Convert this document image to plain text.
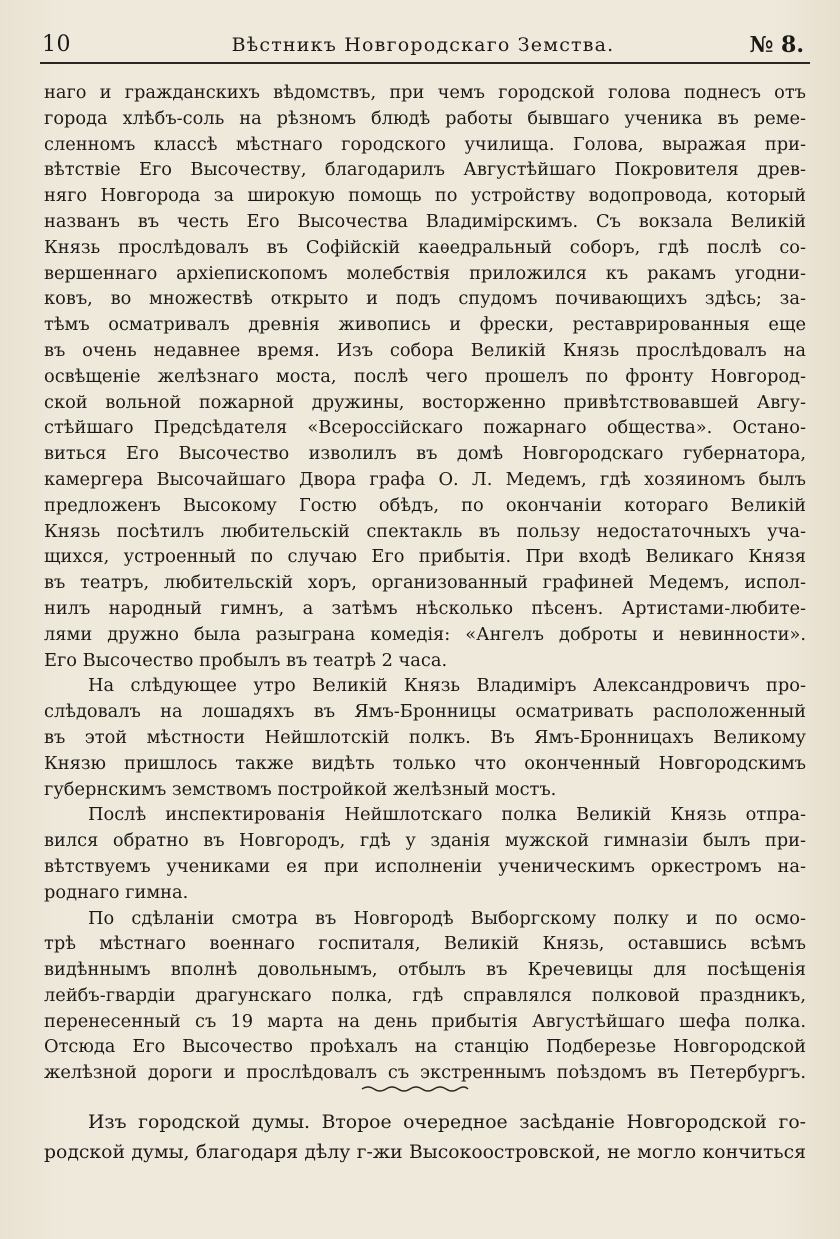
10	Вѣстникъ Новгородскаго Земства.	№ 8.
наго и гражданскихъ вѣдомствъ, при чемъ городской голова поднесъ отъ
города хлѣбъ-соль на рѣзномъ блюдѣ работы бывшаго ученика въ реме-
сленномъ классѣ мѣстнаго городского училища. Голова, выражая при-
вѣтствіе Его Высочеству, благодарилъ Августѣйшаго Покровителя древ-
няго Новгорода за широкую помощь по устройству водопровода, который
названъ въ честь Его Высочества Владимірскимъ. Съ вокзала Великій
Князь прослѣдовалъ въ Софійскій каѳедральный соборъ, гдѣ послѣ со-
вершеннаго архіепископомъ молебствія приложился къ ракамъ угодни-
ковъ, во множествѣ открыто и подъ спудомъ почивающихъ здѣсь; за-
тѣмъ осматривалъ древнія живопись и фрески, реставрированныя еще
въ очень недавнее время. Изъ собора Великій Князь прослѣдовалъ на
освѣщеніе желѣзнаго моста, послѣ чего прошелъ по фронту Новгород-
ской вольной пожарной дружины, восторженно привѣтствовавшей Авгу-
стѣйшаго Предсѣдателя «Всероссійскаго пожарнаго общества». Остано-
виться Его Высочество изволилъ въ домѣ Новгородскаго губернатора,
камергера Высочайшаго Двора графа О. Л. Медемъ, гдѣ хозяиномъ былъ
предложенъ Высокому Гостю обѣдъ, по окончаніи котораго Великій
Князь посѣтилъ любительскій спектакль въ пользу недостаточныхъ уча-
щихся, устроенный по случаю Его прибытія. При входѣ Великаго Князя
въ театръ, любительскій хоръ, организованный графиней Медемъ, испол-
нилъ народный гимнъ, а затѣмъ нѣсколько пѣсенъ. Артистами-любите-
лями дружно была разыграна комедія: «Ангелъ доброты и невинности».
Его Высочество пробылъ въ театрѣ 2 часа.
На слѣдующее утро Великій Князь Владиміръ Александровичъ про-
слѣдовалъ на лошадяхъ въ Ямъ-Бронницы осматривать расположенный
въ этой мѣстности Нейшлотскій полкъ. Въ Ямъ-Бронницахъ Великому
Князю пришлось также видѣть только что оконченный Новгородскимъ
губернскимъ земствомъ постройкой желѣзный мостъ.
Послѣ инспектированія Нейшлотскаго полка Великій Князь отпра-
вился обратно въ Новгородъ, гдѣ у зданія мужской гимназіи былъ при-
вѣтствуемъ учениками ея при исполненіи ученическимъ оркестромъ на-
роднаго гимна.
По сдѣланіи смотра въ Новгородѣ Выборгскому полку и по осмо-
трѣ мѣстнаго военнаго госпиталя, Великій Князь, оставшись всѣмъ
видѣннымъ вполнѣ довольнымъ, отбылъ въ Кречевицы для посѣщенія
лейбъ-гвардіи драгунскаго полка, гдѣ справлялся полковой праздникъ,
перенесенный съ 19 марта на день прибытія Августѣйшаго шефа полка.
Отсюда Его Высочество проѣхалъ на станцію Подберезье Новгородской
желѣзной дороги и прослѣдовалъ съ экстреннымъ поѣздомъ въ Петербургъ.
Изъ городской думы. Второе очередное засѣданіе Новгородской го-
родской думы, благодаря дѣлу г-жи Высокоостровской, не могло кончиться
